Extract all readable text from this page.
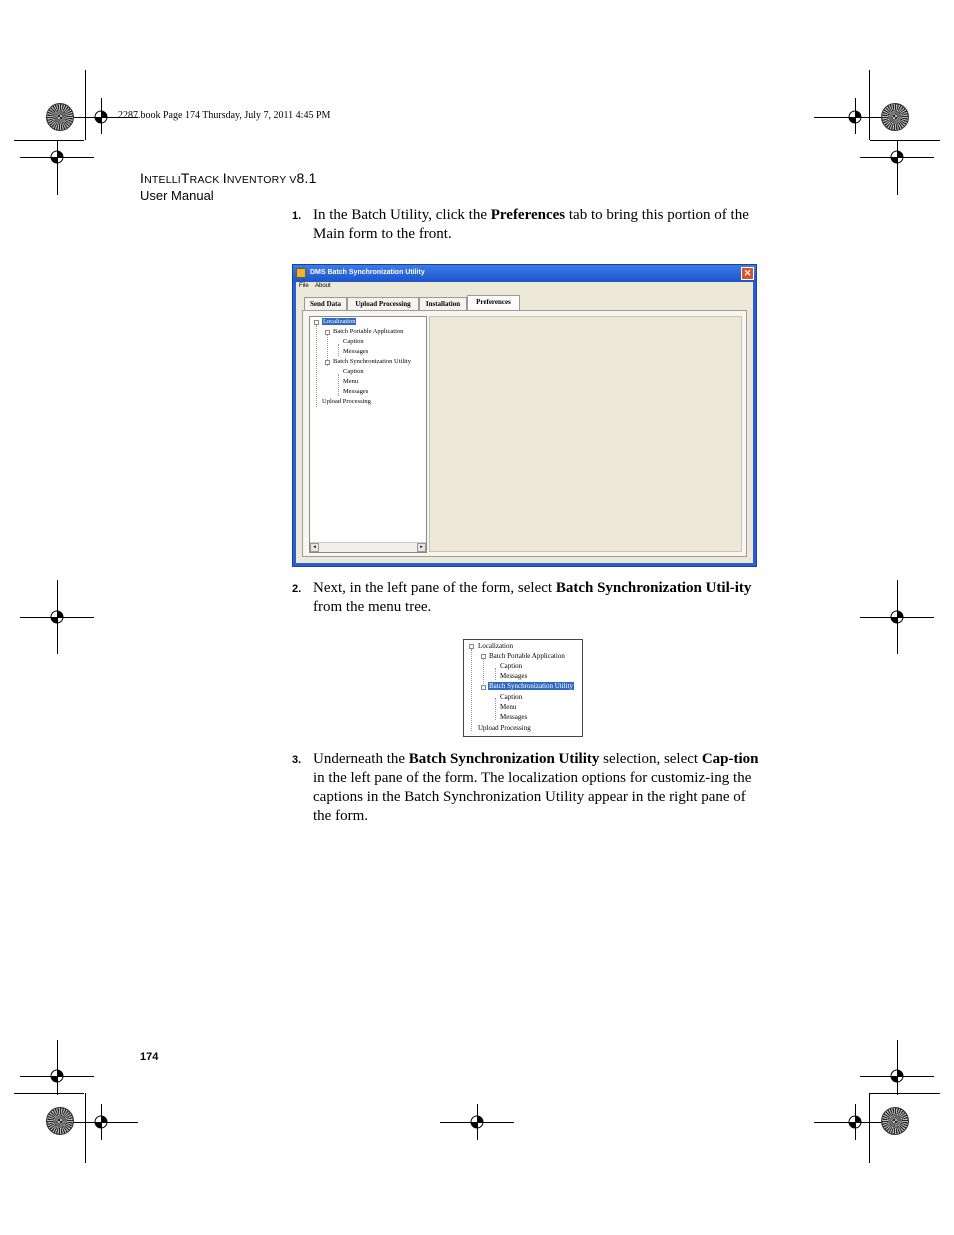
2287.book Page 174 Thursday, July 7, 2011 4:45 PM
INTELLITRACK INVENTORY V8.1
User Manual
1. In the Batch Utility, click the Preferences tab to bring this portion of the Main form to the front.
DMS Batch Synchronization Utility	✕
File About
Send Data	Upload Processing	Installation	Preferences
Localization
Batch Portable Application
Caption
Messages
Batch Synchronization Utility
Caption
Menu
Messages
Upload Processing
◂	▸
2. Next, in the left pane of the form, select Batch Synchronization Util-ity from the menu tree.
Localization
Batch Portable Application
Caption
Messages
Batch Synchronization Utility
Caption
Menu
Messages
Upload Processing
3. Underneath the Batch Synchronization Utility selection, select Cap-tion in the left pane of the form. The localization options for customiz-ing the captions in the Batch Synchronization Utility appear in the right pane of the form.
174
